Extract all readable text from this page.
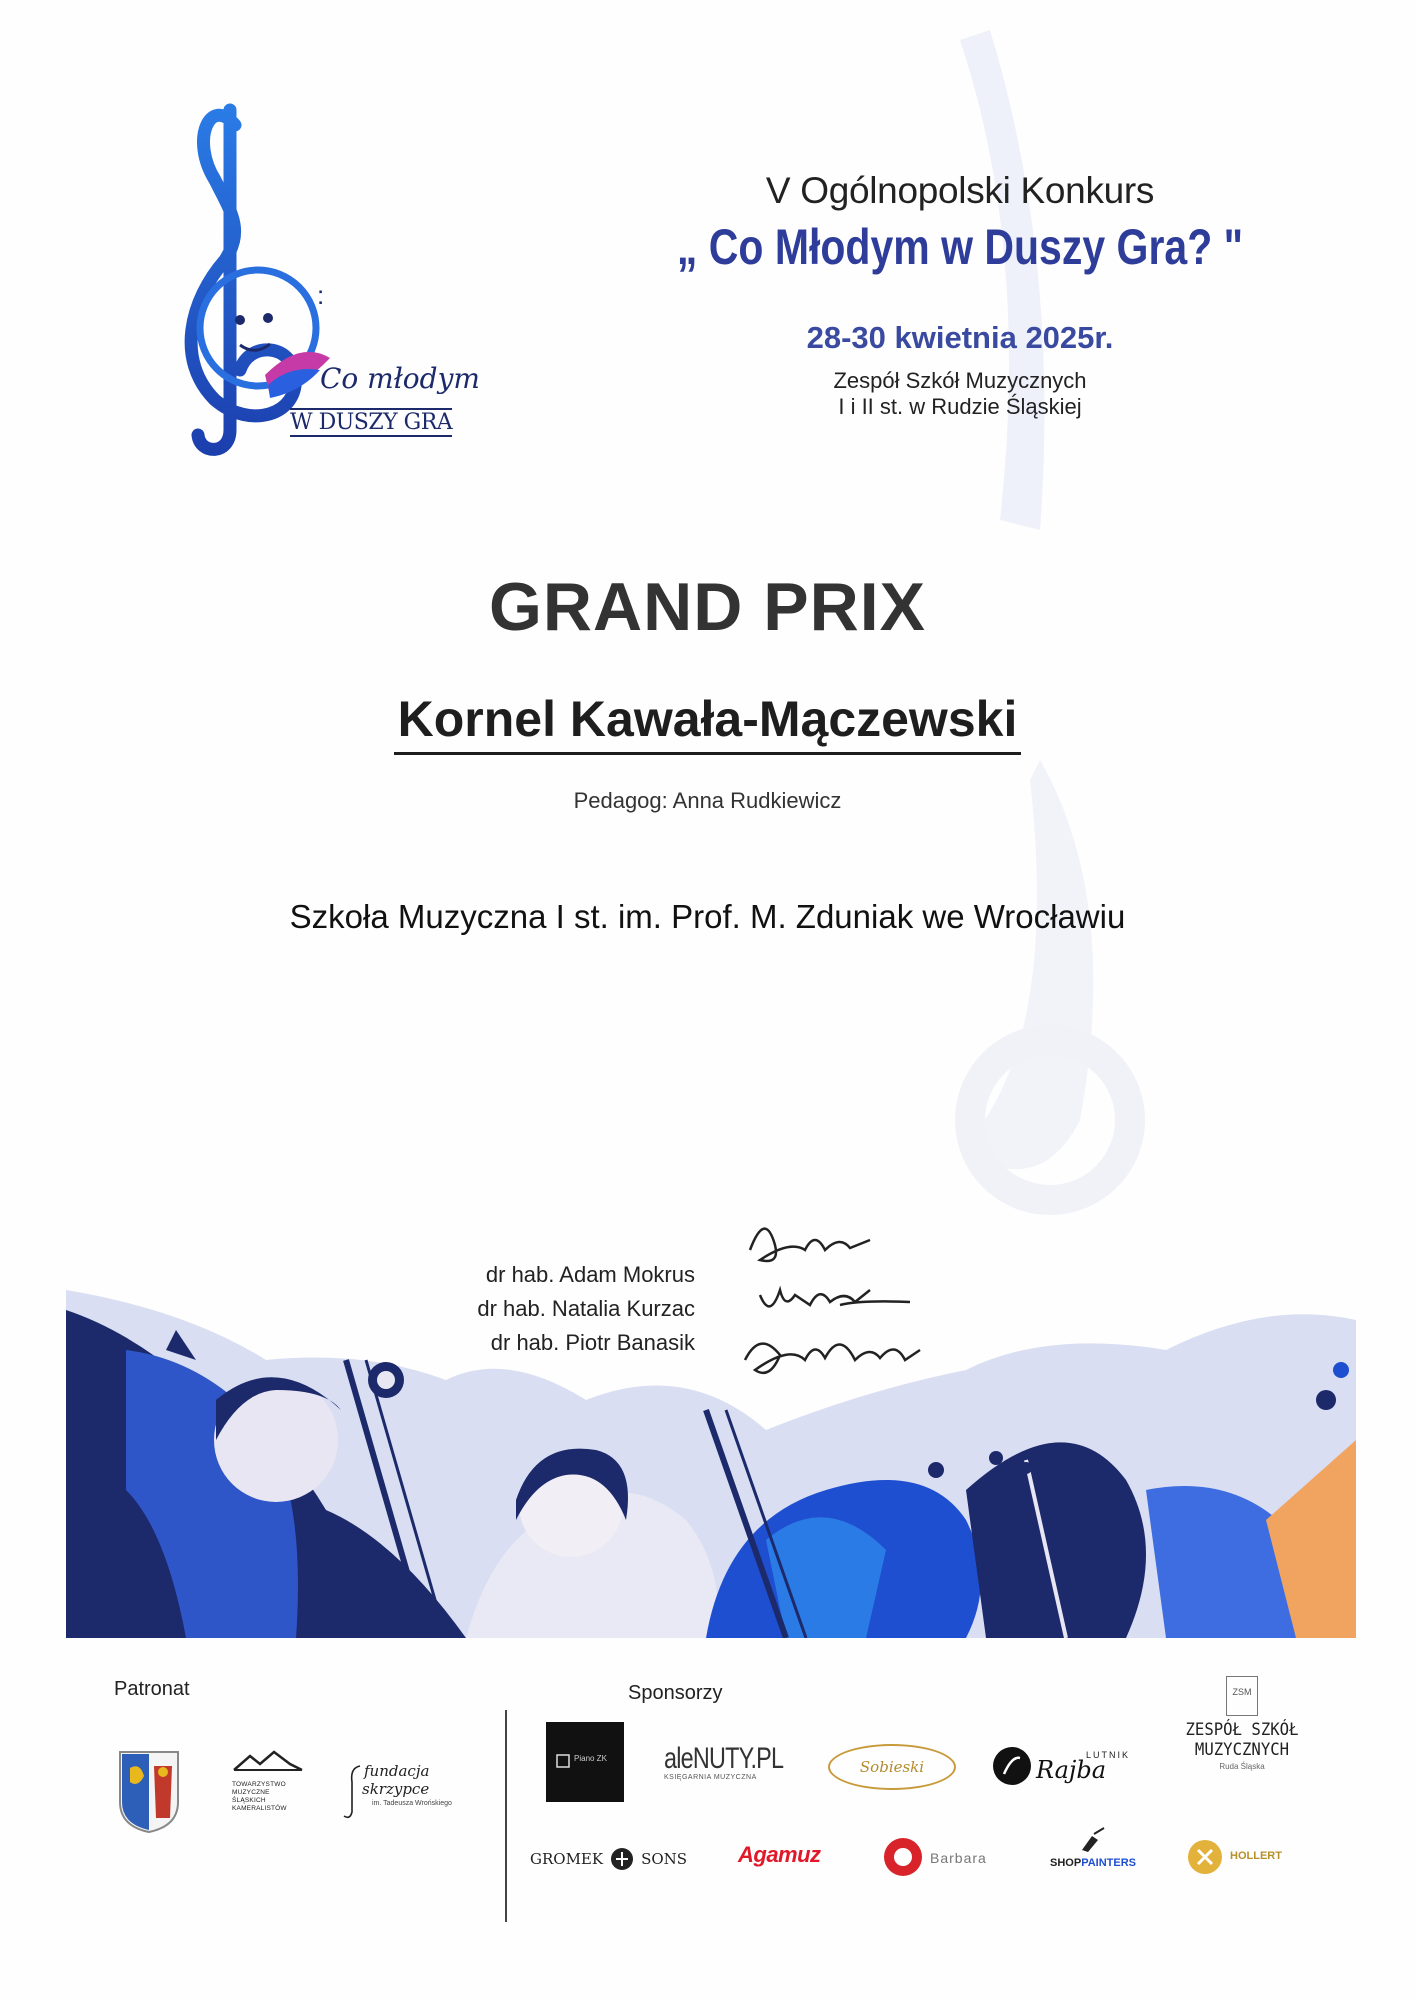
:
Co młodym
W DUSZY GRA

V Ogólnopolski Konkurs

„ Co Młodym w Duszy Gra? "

28-30 kwietnia 2025r.

Zespół Szkół Muzycznych
I i II st. w Rudzie Śląskiej

GRAND PRIX
Kornel Kawała-Mączewski
Pedagog: Anna Rudkiewicz
Szkoła Muzyczna I st. im. Prof. M. Zduniak we Wrocławiu
dr hab. Adam Mokrus
dr hab. Natalia Kurzac
dr hab. Piotr Banasik
Patronat	Sponsorzy
TOWARZYSTWO MUZYCZNE ŚLĄSKICH KAMERALISTÓW
fundacja
skrzypce
im. Tadeusza Wrońskiego
Piano ZK aleNUTY.PL
KSIĘGARNIA MUZYCZNA
Sobieski
LUTNIK
Rajba
ZSM
ZESPÓŁ SZKÓŁ
MUZYCZNYCH
Ruda Śląska
GROMEK	SONS Agamuz	Barbara	SHOPPAINTERS
HOLLERT
